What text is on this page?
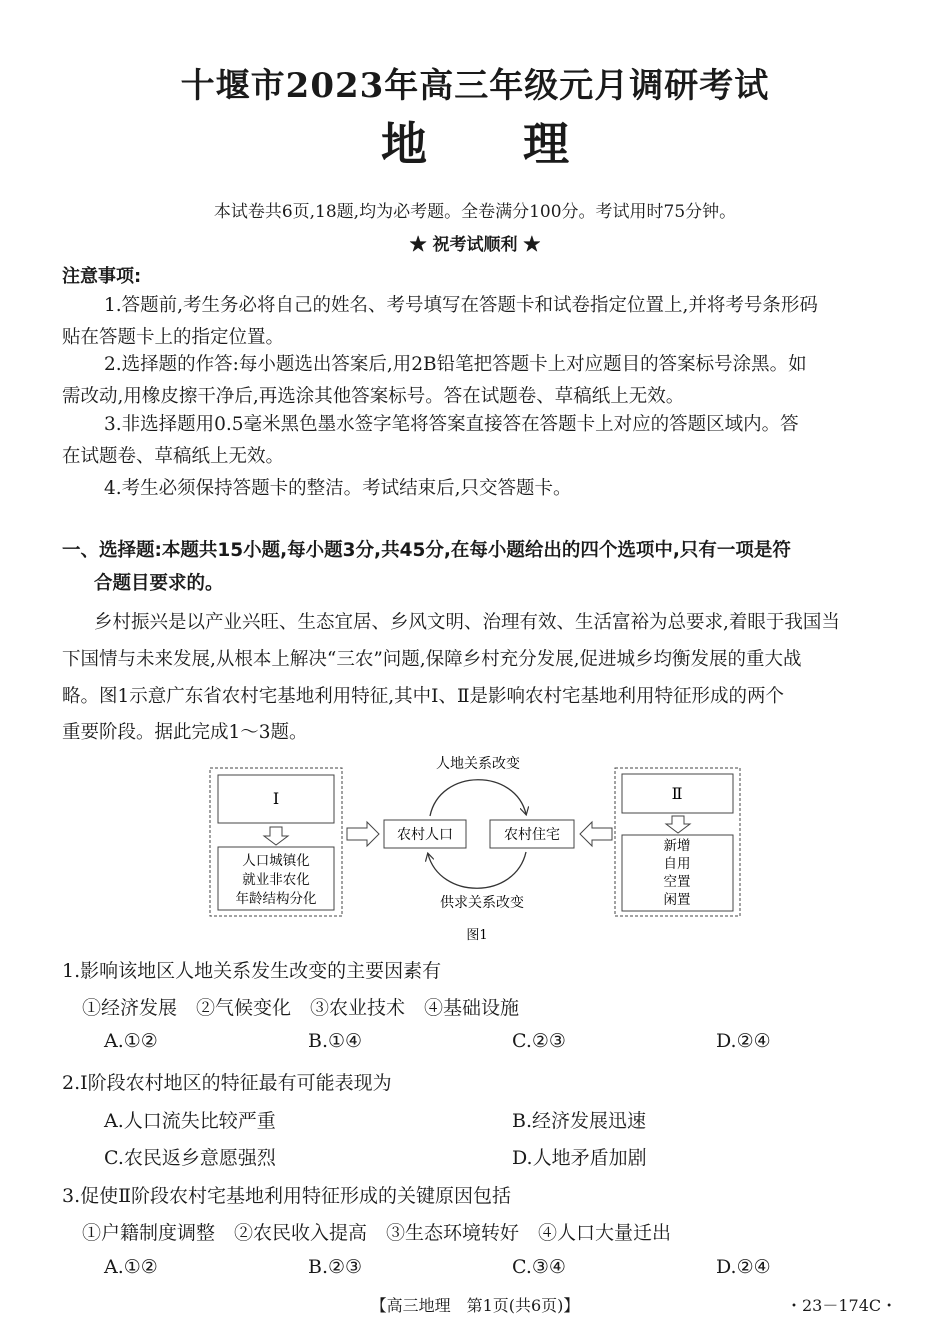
十堰市2023年高三年级元月调研考试
地 理
本试卷共6页,18题,均为必考题。全卷满分100分。考试用时75分钟。
★ 祝考试顺利 ★
注意事项:
1.答题前,考生务必将自己的姓名、考号填写在答题卡和试卷指定位置上,并将考号条形码
贴在答题卡上的指定位置。
2.选择题的作答:每小题选出答案后,用2B铅笔把答题卡上对应题目的答案标号涂黑。如
需改动,用橡皮擦干净后,再选涂其他答案标号。答在试题卷、草稿纸上无效。
3.非选择题用0.5毫米黑色墨水签字笔将答案直接答在答题卡上对应的答题区域内。答
在试题卷、草稿纸上无效。
4.考生必须保持答题卡的整洁。考试结束后,只交答题卡。
一、选择题:本题共15小题,每小题3分,共45分,在每小题给出的四个选项中,只有一项是符
合题目要求的。
乡村振兴是以产业兴旺、生态宜居、乡风文明、治理有效、生活富裕为总要求,着眼于我国当
下国情与未来发展,从根本上解决“三农”问题,保障乡村充分发展,促进城乡均衡发展的重大战
略。图1示意广东省农村宅基地利用特征,其中Ⅰ、Ⅱ是影响农村宅基地利用特征形成的两个
重要阶段。据此完成1～3题。
Ⅰ
人口城镇化
就业非农化
年龄结构分化
农村人口	农村住宅
人地关系改变
供求关系改变
Ⅱ
新增
自用
空置
闲置
图1
1.影响该地区人地关系发生改变的主要因素有
①经济发展　②气候变化　③农业技术　④基础设施
A.①②	B.①④	C.②③	D.②④
2.Ⅰ阶段农村地区的特征最有可能表现为
A.人口流失比较严重	B.经济发展迅速
C.农民返乡意愿强烈	D.人地矛盾加剧
3.促使Ⅱ阶段农村宅基地利用特征形成的关键原因包括
①户籍制度调整　②农民收入提高　③生态环境转好　④人口大量迁出
A.①②	B.②③	C.③④	D.②④
【高三地理　第1页(共6页)】	・23－174C・
